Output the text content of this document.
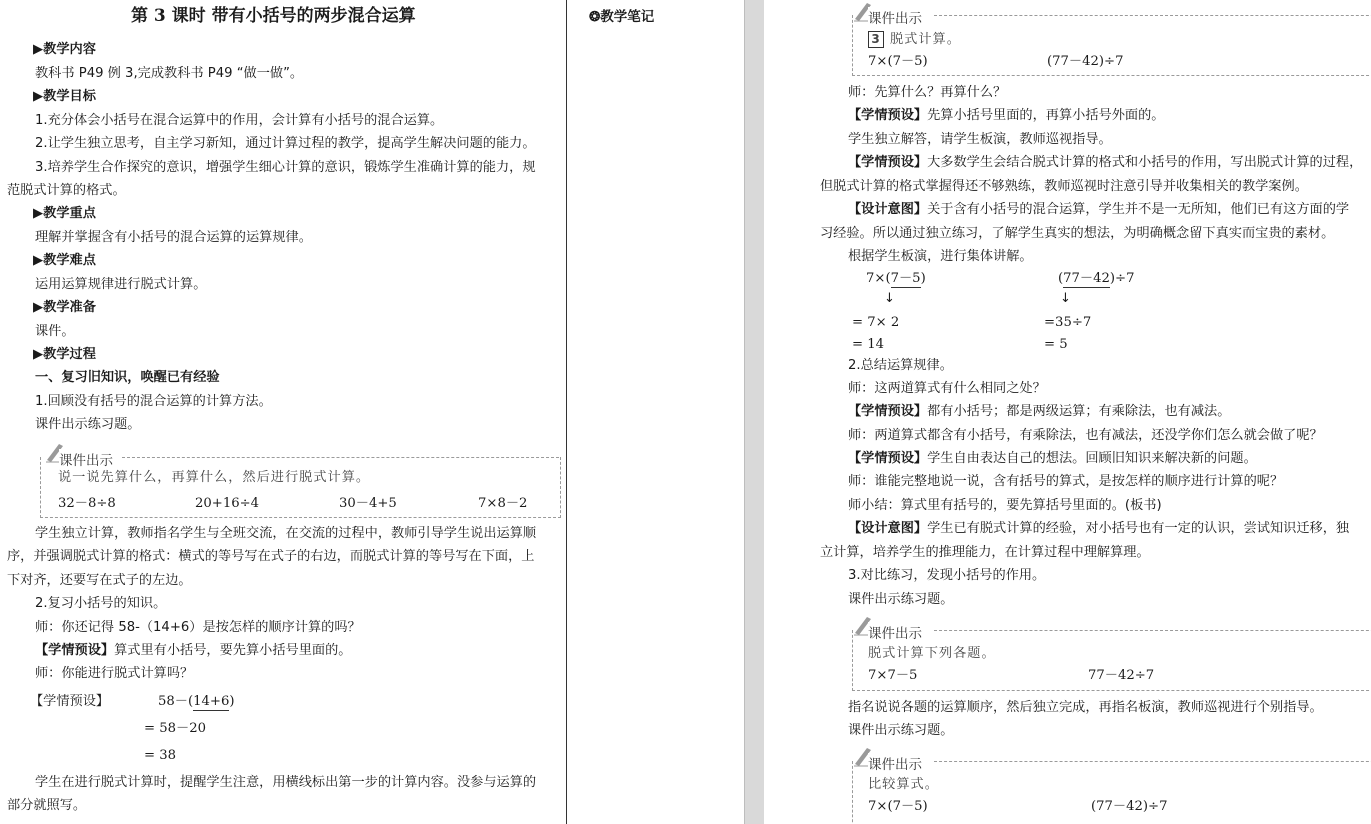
第 3 课时 带有小括号的两步混合运算
▶教学内容
教科书 P49 例 3,完成教科书 P49 “做一做”。
▶教学目标
1.充分体会小括号在混合运算中的作用，会计算有小括号的混合运算。
2.让学生独立思考，自主学习新知，通过计算过程的教学，提高学生解决问题的能力。
3.培养学生合作探究的意识，增强学生细心计算的意识，锻炼学生准确计算的能力，规
范脱式计算的格式。
▶教学重点
理解并掌握含有小括号的混合运算的运算规律。
▶教学难点
运用运算规律进行脱式计算。
▶教学准备
课件。
▶教学过程
一、复习旧知识，唤醒已有经验
1.回顾没有括号的混合运算的计算方法。
课件出示练习题。
课件出示
说一说先算什么，再算什么，然后进行脱式计算。
32－8÷8	20+16÷4	30－4+5	7×8－2
学生独立计算，教师指名学生与全班交流，在交流的过程中，教师引导学生说出运算顺
序，并强调脱式计算的格式：横式的等号写在式子的右边，而脱式计算的等号写在下面，上
下对齐，还要写在式子的左边。
2.复习小括号的知识。
师：你还记得 58-（14+6）是按怎样的顺序计算的吗？
【学情预设】算式里有小括号，要先算小括号里面的。
师：你能进行脱式计算吗？
【学情预设】	58－(14+6)
= 58－20
= 38
学生在进行脱式计算时，提醒学生注意，用横线标出第一步的计算内容。没参与运算的
部分就照写。
❂教学笔记	课件出示
3 脱式计算。
7×(7－5)	(77－42)÷7
师：先算什么？再算什么？
【学情预设】先算小括号里面的，再算小括号外面的。
学生独立解答，请学生板演，教师巡视指导。
【学情预设】大多数学生会结合脱式计算的格式和小括号的作用，写出脱式计算的过程，
但脱式计算的格式掌握得还不够熟练，教师巡视时注意引导并收集相关的教学案例。
【设计意图】关于含有小括号的混合运算，学生并不是一无所知，他们已有这方面的学
习经验。所以通过独立练习，了解学生真实的想法，为明确概念留下真实而宝贵的素材。
根据学生板演，进行集体讲解。
7×(7－5)
↓
= 7× 2
= 14
(77－42)÷7
↓
=35÷7
= 5
2.总结运算规律。
师：这两道算式有什么相同之处？
【学情预设】都有小括号；都是两级运算；有乘除法，也有减法。
师：两道算式都含有小括号，有乘除法，也有减法，还没学你们怎么就会做了呢？
【学情预设】学生自由表达自己的想法。回顾旧知识来解决新的问题。
师：谁能完整地说一说，含有括号的算式，是按怎样的顺序进行计算的呢？
师小结：算式里有括号的，要先算括号里面的。(板书)
【设计意图】学生已有脱式计算的经验，对小括号也有一定的认识，尝试知识迁移，独
立计算，培养学生的推理能力，在计算过程中理解算理。
3.对比练习，发现小括号的作用。
课件出示练习题。
课件出示
脱式计算下列各题。
7×7－5	77－42÷7
指名说说各题的运算顺序，然后独立完成，再指名板演，教师巡视进行个别指导。
课件出示练习题。
课件出示
比较算式。
7×(7－5)	(77－42)÷7
